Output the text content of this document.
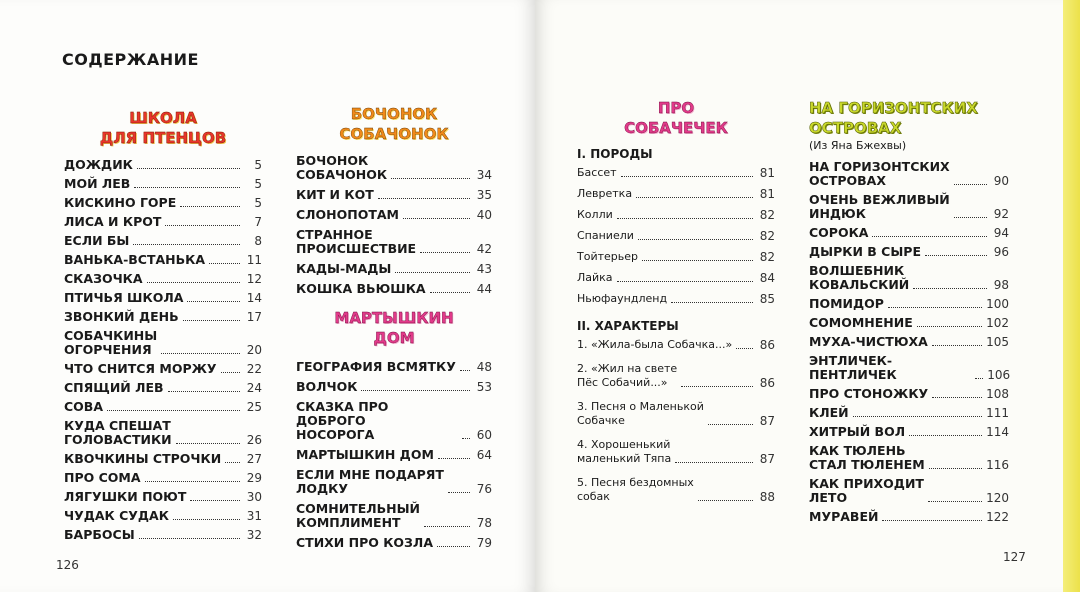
СОДЕРЖАНИЕ
ШКОЛА
ДЛЯ ПТЕНЦОВ
ДОЖДИК	5
МОЙ ЛЕВ	5
КИСКИНО ГОРЕ	5
ЛИСА И КРОТ	7
ЕСЛИ БЫ	8
ВАНЬКА-ВСТАНЬКА	11
СКАЗОЧКА	12
ПТИЧЬЯ ШКОЛА	14
ЗВОНКИЙ ДЕНЬ	17
СОБАЧКИНЫ
ОГОРЧЕНИЯ	20
ЧТО СНИТСЯ МОРЖУ	22
СПЯЩИЙ ЛЕВ	24
СОВА	25
КУДА СПЕШАТ
ГОЛОВАСТИКИ	26
КВОЧКИНЫ СТРОЧКИ 27
ПРО СОМА	29
ЛЯГУШКИ ПОЮТ	30
ЧУДАК СУДАК	31
БАРБОСЫ	32
БОЧОНОК
СОБАЧОНОК
БОЧОНОК
СОБАЧОНОК	34
КИТ И КОТ	35
СЛОНОПОТАМ	40
СТРАННОЕ
ПРОИСШЕСТВИЕ	42
КАДЫ-МАДЫ	43
КОШКА ВЬЮШКА	44
МАРТЫШКИН
ДОМ
ГЕОГРАФИЯ ВСМЯТКУ 48
ВОЛЧОК	53
СКАЗКА ПРО ДОБРОГО
НОСОРОГА	60
МАРТЫШКИН ДОМ	64
ЕСЛИ МНЕ ПОДАРЯТ
ЛОДКУ	76
СОМНИТЕЛЬНЫЙ
КОМПЛИМЕНТ	78
СТИХИ ПРО КОЗЛА	79
126
ПРО
СОБАЧЕЧЕК
I. ПОРОДЫ
Бассет	81
Левретка	81
Колли	82
Спаниели	82
Тойтерьер	82
Лайка	84
Ньюфаундленд	85
II. ХАРАКТЕРЫ
1. «Жила-была Собачка...» 86
2. «Жил на свете
Пёс Собачий...»	86
3. Песня о Маленькой
Собачке	87
4. Хорошенький
маленький Тяпа	87
5. Песня бездомных
собак	88
НА ГОРИЗОНТСКИХ
ОСТРОВАХ
(Из Яна Бжехвы)
НА ГОРИЗОНТСКИХ
ОСТРОВАХ	90
ОЧЕНЬ ВЕЖЛИВЫЙ
ИНДЮК	92
СОРОКА	94
ДЫРКИ В СЫРЕ	96
ВОЛШЕБНИК
КОВАЛЬСКИЙ	98
ПОМИДОР	100
СОМОМНЕНИЕ	102
МУХА-ЧИСТЮХА	105
ЭНТЛИЧЕК-ПЕНТЛИЧЕК	106
ПРО СТОНОЖКУ	108
КЛЕЙ	111
ХИТРЫЙ ВОЛ	114
КАК ТЮЛЕНЬ
СТАЛ ТЮЛЕНЕМ	116
КАК ПРИХОДИТ
ЛЕТО	120
МУРАВЕЙ	122
127
